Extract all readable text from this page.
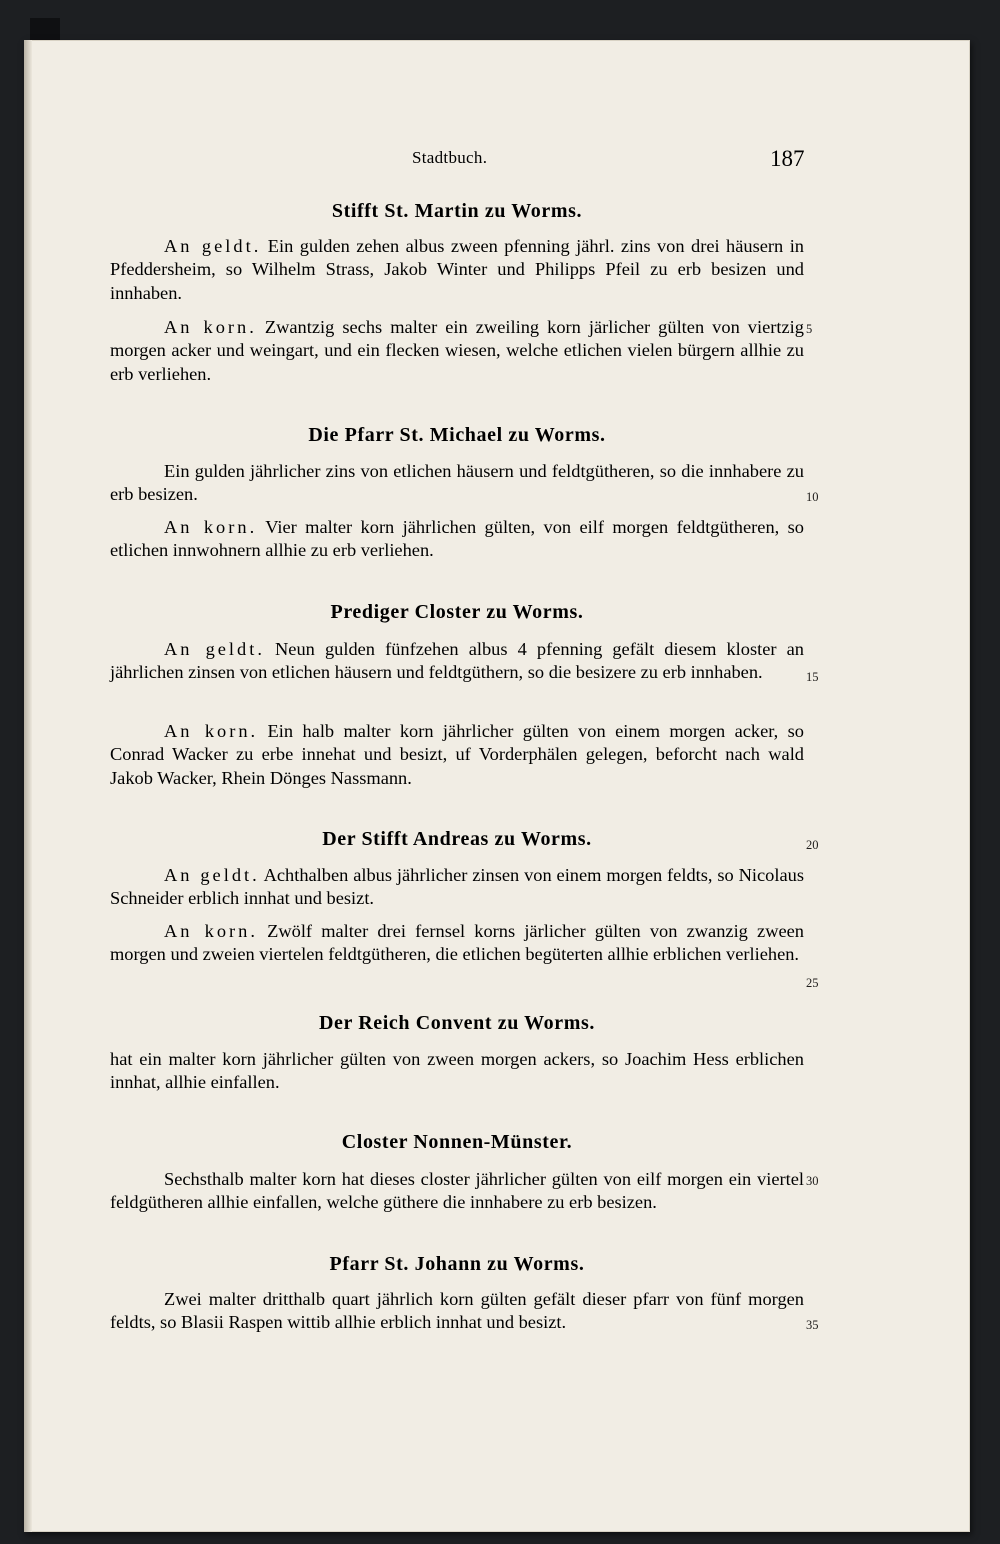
Stadtbuch.	187
Stifft St. Martin zu Worms.
An geldt. Ein gulden zehen albus zween pfenning jährl. zins von drei häusern in Pfeddersheim, so Wilhelm Strass, Jakob Winter und Philipps Pfeil zu erb besizen und innhaben.
An korn. Zwantzig sechs malter ein zweiling korn järlicher gülten von viertzig morgen acker und weingart, und ein flecken wiesen, welche etlichen vielen bürgern allhie zu erb verliehen.
5
Die Pfarr St. Michael zu Worms.
Ein gulden jährlicher zins von etlichen häusern und feldtgütheren, so die innhabere zu erb besizen.	10
An korn. Vier malter korn jährlichen gülten, von eilf morgen feldtgütheren, so etlichen innwohnern allhie zu erb verliehen.
Prediger Closter zu Worms.
An geldt. Neun gulden fünfzehen albus 4 pfenning gefält diesem kloster an jährlichen zinsen von etlichen häusern und feldtgüthern, so die besizere zu erb innhaben.	15
An korn. Ein halb malter korn jährlicher gülten von einem morgen acker, so Conrad Wacker zu erbe innehat und besizt, uf Vorderphälen gelegen, beforcht nach wald Jakob Wacker, Rhein Dönges Nassmann.
Der Stifft Andreas zu Worms.	20
An geldt. Achthalben albus jährlicher zinsen von einem morgen feldts, so Nicolaus Schneider erblich innhat und besizt.
An korn. Zwölf malter drei fernsel korns järlicher gülten von zwanzig zween morgen und zweien viertelen feldtgütheren, die etlichen begüterten allhie erblichen verliehen.
25
Der Reich Convent zu Worms.
hat ein malter korn jährlicher gülten von zween morgen ackers, so Joachim Hess erblichen innhat, allhie einfallen.
Closter Nonnen-Münster.
Sechsthalb malter korn hat dieses closter jährlicher gülten von eilf morgen ein viertel feldgütheren allhie einfallen, welche güthere die innhabere zu erb besizen.
30
Pfarr St. Johann zu Worms.
Zwei malter dritthalb quart jährlich korn gülten gefält dieser pfarr von fünf morgen feldts, so Blasii Raspen wittib allhie erblich innhat und besizt.	35
